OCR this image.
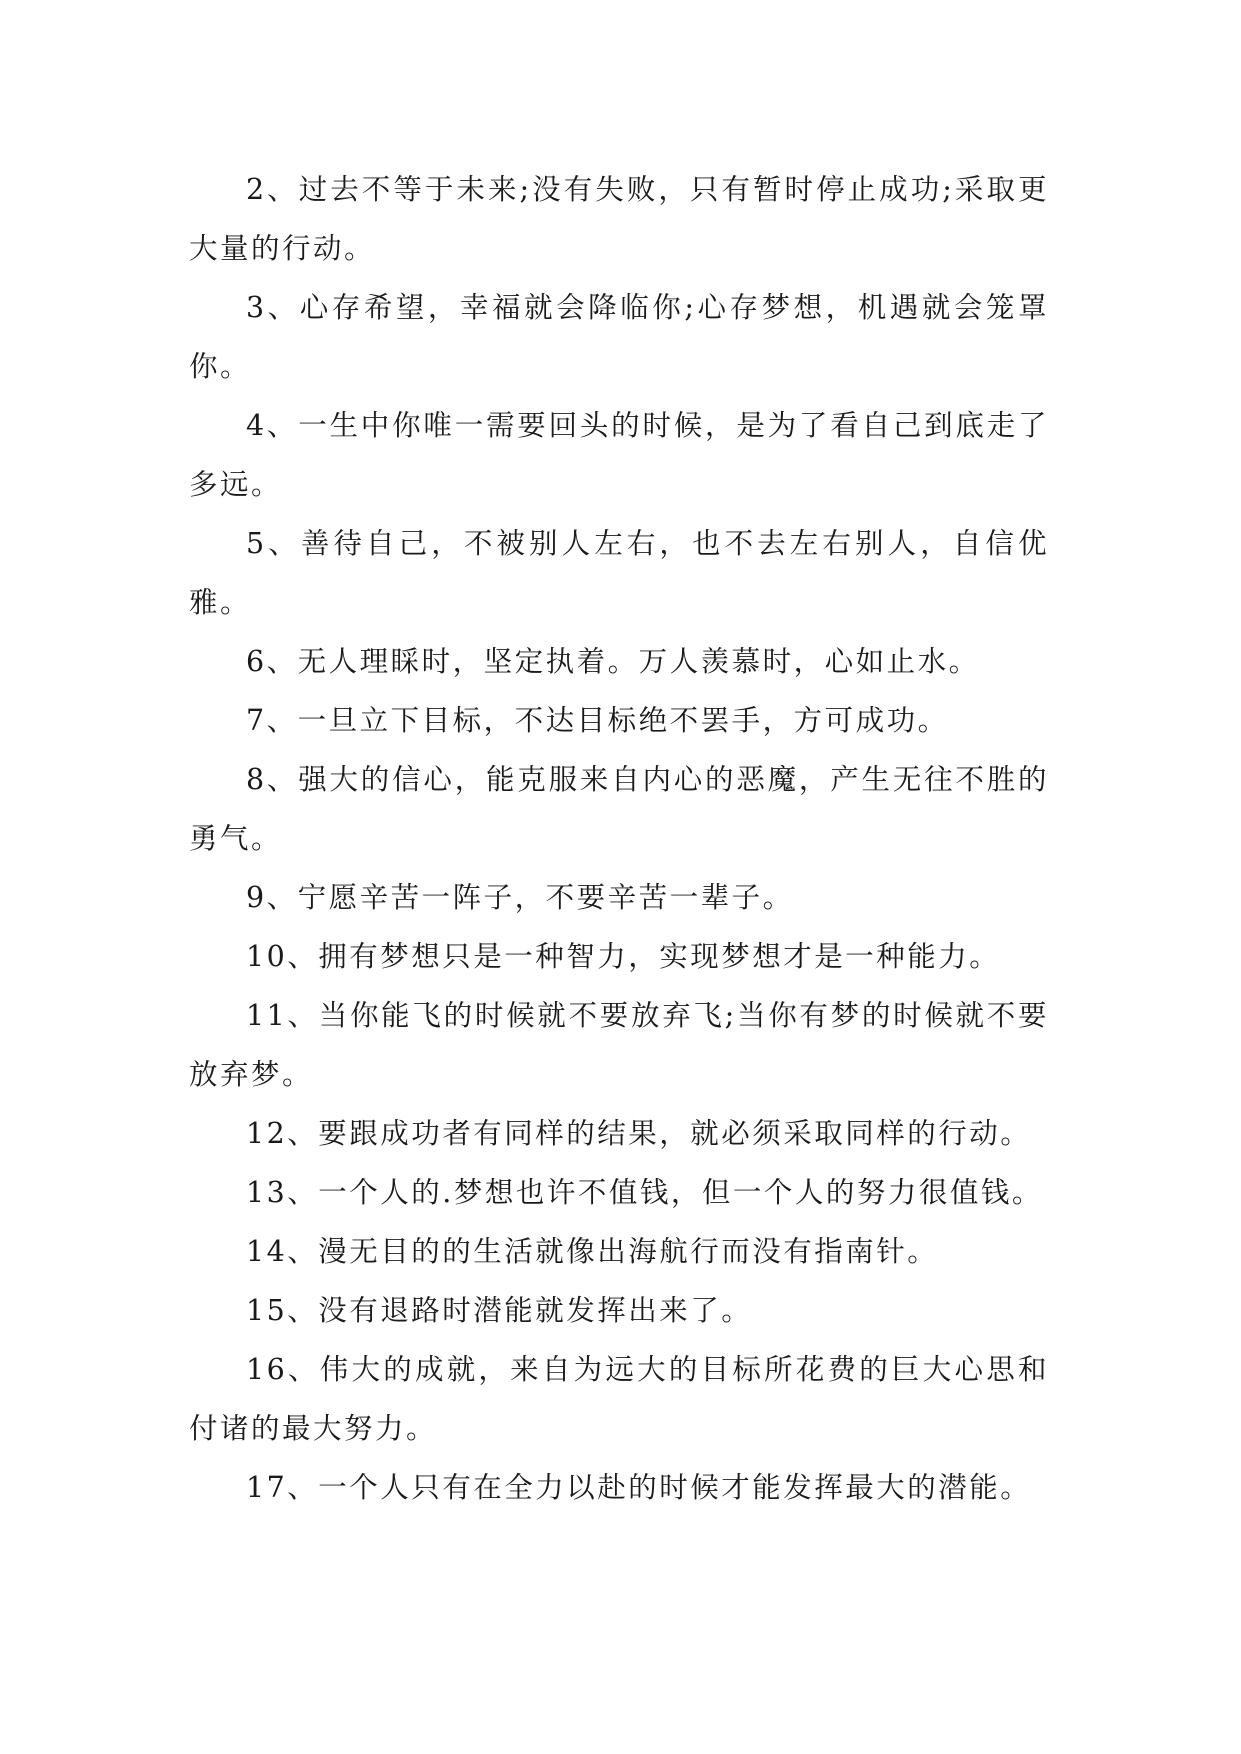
2、过去不等于未来;没有失败，只有暂时停止成功;采取更大量的行动。

3、心存希望，幸福就会降临你;心存梦想，机遇就会笼罩你。

4、一生中你唯一需要回头的时候，是为了看自己到底走了多远。

5、善待自己，不被别人左右，也不去左右别人，自信优雅。

6、无人理睬时，坚定执着。万人羡慕时，心如止水。

7、一旦立下目标，不达目标绝不罢手，方可成功。

8、强大的信心，能克服来自内心的恶魔，产生无往不胜的勇气。

9、宁愿辛苦一阵子，不要辛苦一辈子。

10、拥有梦想只是一种智力，实现梦想才是一种能力。

11、当你能飞的时候就不要放弃飞;当你有梦的时候就不要放弃梦。

12、要跟成功者有同样的结果，就必须采取同样的行动。

13、一个人的.梦想也许不值钱，但一个人的努力很值钱。

14、漫无目的的生活就像出海航行而没有指南针。

15、没有退路时潜能就发挥出来了。

16、伟大的成就，来自为远大的目标所花费的巨大心思和付诸的最大努力。

17、一个人只有在全力以赴的时候才能发挥最大的潜能。
